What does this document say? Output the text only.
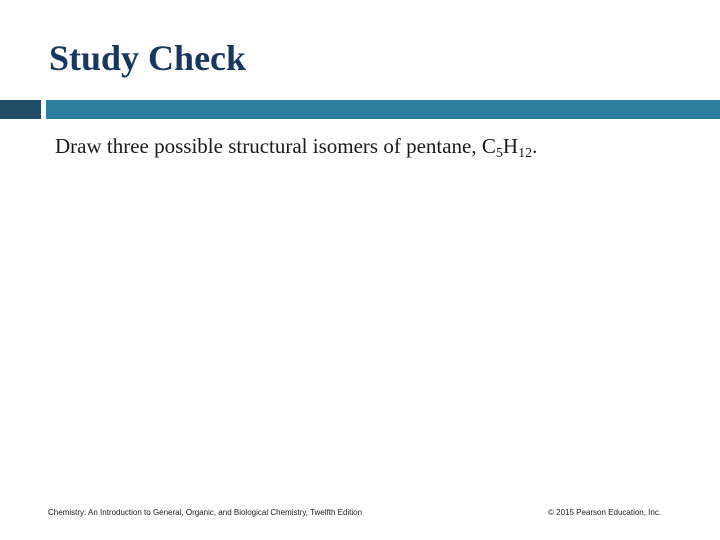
Study Check
Draw three possible structural isomers of pentane, $C_5H_{12}$.
Chemistry: An Introduction to General, Organic, and Biological Chemistry, Twelfth Edition	© 2015 Pearson Education, Inc.
